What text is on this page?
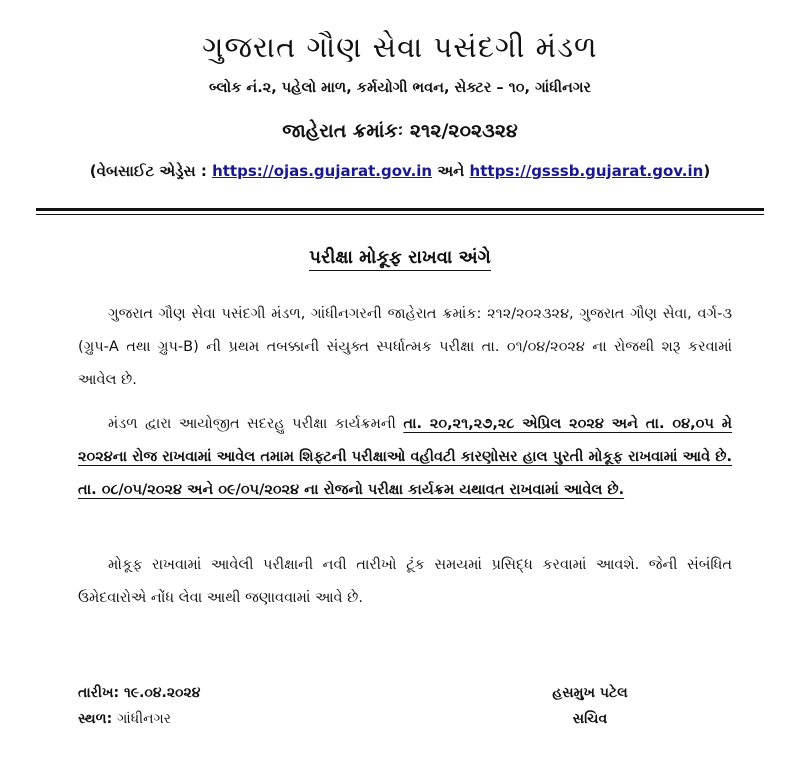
ગુજરાત ગૌણ સેવા પસંદગી મંડળ
બ્લોક નં.૨, પહેલો માળ, કર્મયોગી ભવન, સેક્ટર – ૧૦, ગાંધીનગર
જાહેરાત ક્રમાંકઃ ૨૧૨/૨૦૨૩૨૪
(વેબસાઈટ એડ્રેસ : https://ojas.gujarat.gov.in અને https://gsssb.gujarat.gov.in)
પરીક્ષા મોકૂફ રાખવા અંગે
ગુજરાત ગૌણ સેવા પસંદગી મંડળ, ગાંધીનગરની જાહેરાત ક્રમાંક: ૨૧૨/૨૦૨૩૨૪, ગુજરાત ગૌણ સેવા, વર્ગ-૩ (ગ્રુપ-A તથા ગ્રુપ-B) ની પ્રથમ તબક્કાની સંયુક્ત સ્પર્ધાત્મક પરીક્ષા તા. ૦૧/૦૪/૨૦૨૪ ના રોજથી શરૂ કરવામાં આવેલ છે.
મંડળ દ્વારા આયોજીત સદરહુ પરીક્ષા કાર્યક્રમની તા. ૨૦,૨૧,૨૭,૨૮ એપ્રિલ ૨૦૨૪ અને તા. ૦૪,૦૫ મે ૨૦૨૪ના રોજ રાખવામાં આવેલ તમામ શિફ્ટની પરીક્ષાઓ વહીવટી કારણોસર હાલ પુરતી મોકૂફ રાખવામાં આવે છે. તા. ૦૮/૦૫/૨૦૨૪ અને ૦૯/૦૫/૨૦૨૪ ના રોજનો પરીક્ષા કાર્યક્રમ યથાવત રાખવામાં આવેલ છે.
મોકૂફ રાખવામાં આવેલી પરીક્ષાની નવી તારીખો ટૂંક સમયમાં પ્રસિદ્ધ કરવામાં આવશે. જેની સંબંધિત ઉમેદવારોએ નોંધ લેવા આથી જણાવવામાં આવે છે.
તારીખ: ૧૯.૦૪.૨૦૨૪
સ્થળ: ગાંધીનગર
હસમુખ પટેલ
સચિવ
